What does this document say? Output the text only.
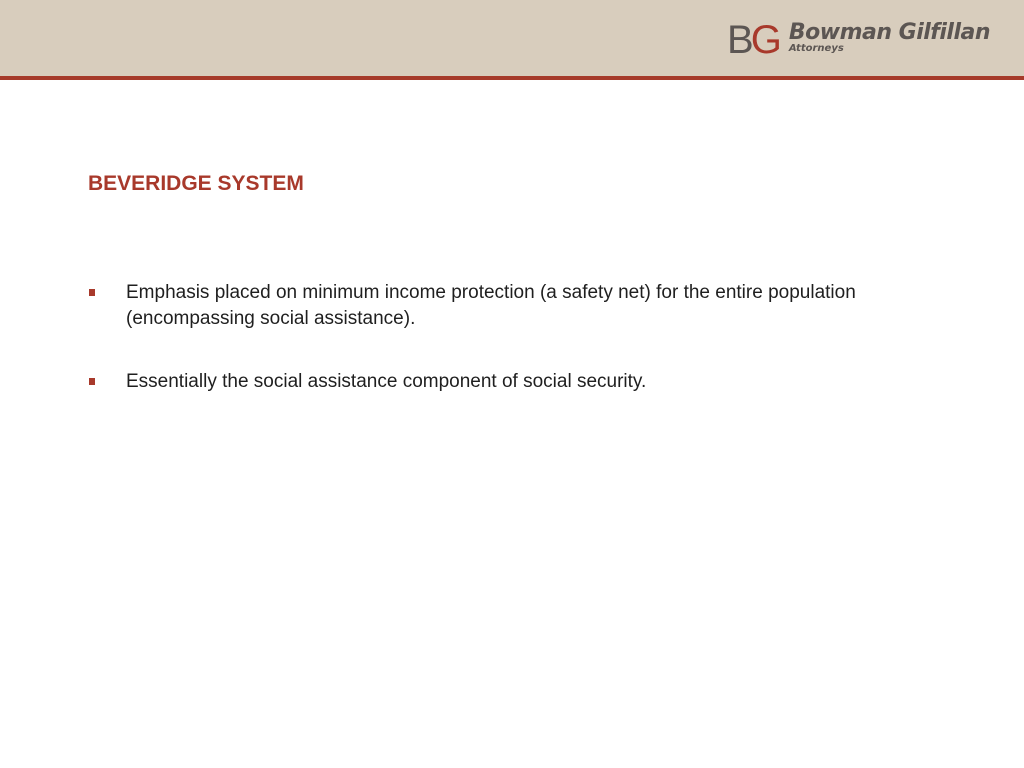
BG Bowman Gilfillan
Attorneys
BEVERIDGE SYSTEM
Emphasis placed on minimum income protection (a safety net) for the entire population (encompassing social assistance).
Essentially the social assistance component of social security.
